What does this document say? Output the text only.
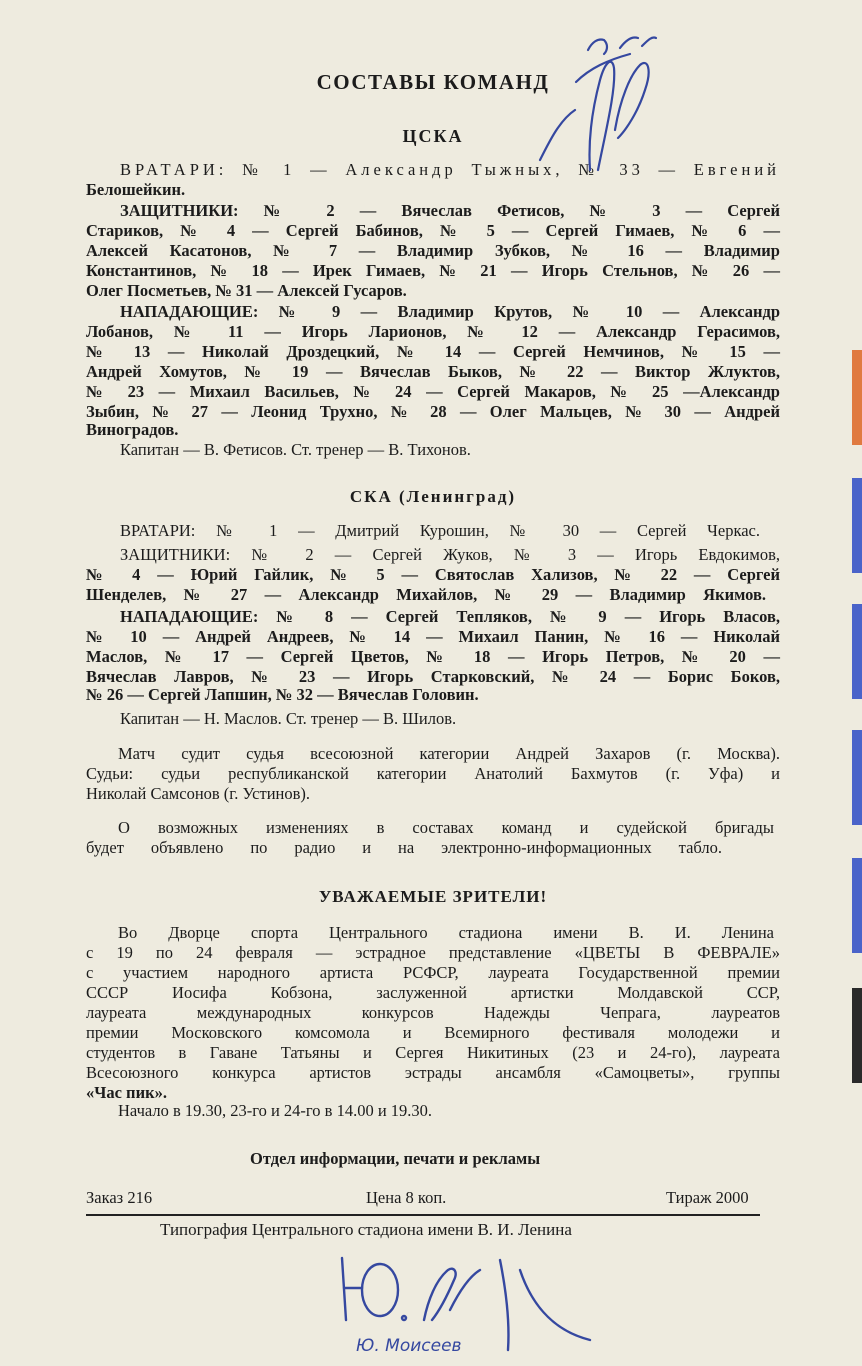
СОСТАВЫ КОМАНД
ЦСКА
ВРАТАРИ: № 1 — Александр Тыжных, № 33 — Евгений
Белошейкин.
ЗАЩИТНИКИ: № 2 — Вячеслав Фетисов, № 3 — Сергей
Стариков, № 4 — Сергей Бабинов, № 5 — Сергей Гимаев, № 6 —
Алексей Касатонов, № 7 — Владимир Зубков, № 16 — Владимир
Константинов, № 18 — Ирек Гимаев, № 21 — Игорь Стельнов, № 26 —
Олег Посметьев, № 31 — Алексей Гусаров.
НАПАДАЮЩИЕ: № 9 — Владимир Крутов, № 10 — Александр
Лобанов, № 11 — Игорь Ларионов, № 12 — Александр Герасимов,
№ 13 — Николай Дроздецкий, № 14 — Сергей Немчинов, № 15 —
Андрей Хомутов, № 19 — Вячеслав Быков, № 22 — Виктор Жлуктов,
№ 23 — Михаил Васильев, № 24 — Сергей Макаров, № 25 —Александр
Зыбин, № 27 — Леонид Трухно, № 28 — Олег Мальцев, № 30 — Андрей
Виноградов.
Капитан — В. Фетисов. Ст. тренер — В. Тихонов.
СКА (Ленинград)
ВРАТАРИ: № 1 — Дмитрий Курошин, № 30 — Сергей Черкас.
ЗАЩИТНИКИ: № 2 — Сергей Жуков, № 3 — Игорь Евдокимов,
№ 4 — Юрий Гайлик, № 5 — Святослав Хализов, № 22 — Сергей
Шенделев, № 27 — Александр Михайлов, № 29 — Владимир Якимов.
НАПАДАЮЩИЕ: № 8 — Сергей Тепляков, № 9 — Игорь Власов,
№ 10 — Андрей Андреев, № 14 — Михаил Панин, № 16 — Николай
Маслов, № 17 — Сергей Цветов, № 18 — Игорь Петров, № 20 —
Вячеслав Лавров, № 23 — Игорь Старковский, № 24 — Борис Боков,
№ 26 — Сергей Лапшин, № 32 — Вячеслав Головин.
Капитан — Н. Маслов. Ст. тренер — В. Шилов.
Матч судит судья всесоюзной категории Андрей Захаров (г. Москва).
Судьи: судьи республиканской категории Анатолий Бахмутов (г. Уфа) и
Николай Самсонов (г. Устинов).
О возможных изменениях в составах команд и судейской бригады
будет объявлено по радио и на электронно-информационных табло.
УВАЖАЕМЫЕ ЗРИТЕЛИ!
Во Дворце спорта Центрального стадиона имени В. И. Ленина
с 19 по 24 февраля — эстрадное представление «ЦВЕТЫ В ФЕВРАЛЕ»
с участием народного артиста РСФСР, лауреата Государственной премии
СССР Иосифа Кобзона, заслуженной артистки Молдавской ССР,
лауреата международных конкурсов Надежды Чепрага, лауреатов
премии Московского комсомола и Всемирного фестиваля молодежи и
студентов в Гаване Татьяны и Сергея Никитиных (23 и 24-го), лауреата
Всесоюзного конкурса артистов эстрады ансамбля «Самоцветы», группы
«Час пик».
Начало в 19.30, 23-го и 24-го в 14.00 и 19.30.
Отдел информации, печати и рекламы
Заказ 216	Цена 8 коп.	Тираж 2000
Типография Центрального стадиона имени В. И. Ленина
Ю. Моисеев
